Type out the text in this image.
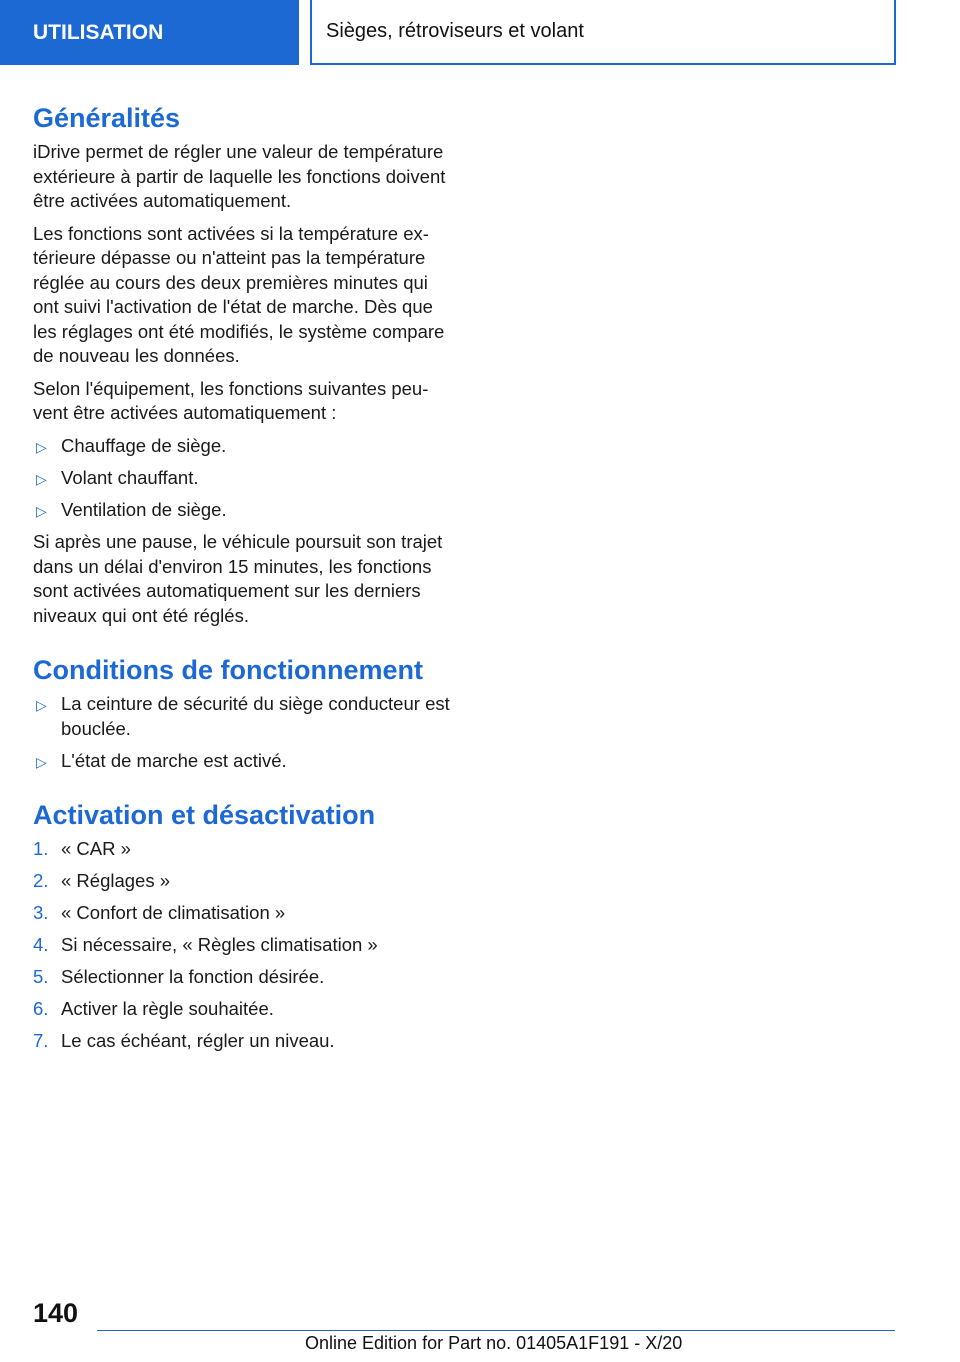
UTILISATION	Sièges, rétroviseurs et volant
Généralités

iDrive permet de régler une valeur de température extérieure à partir de laquelle les fonctions doivent être activées automatiquement.

Les fonctions sont activées si la température extérieure dépasse ou n'atteint pas la température réglée au cours des deux premières minutes qui ont suivi l'activation de l'état de marche. Dès que les réglages ont été modifiés, le système compare de nouveau les données.

Selon l'équipement, les fonctions suivantes peuvent être activées automatiquement :

▷ Chauffage de siège.
▷ Volant chauffant.
▷ Ventilation de siège.

Si après une pause, le véhicule poursuit son trajet dans un délai d'environ 15 minutes, les fonctions sont activées automatiquement sur les derniers niveaux qui ont été réglés.

Conditions de fonctionnement
▷ La ceinture de sécurité du siège conducteur est bouclée.
▷ L'état de marche est activé.
Activation et désactivation
1. « CAR »
2. « Réglages »
3. « Confort de climatisation »
4. Si nécessaire, « Règles climatisation »
5. Sélectionner la fonction désirée.
6. Activer la règle souhaitée.
7. Le cas échéant, régler un niveau.
140
Online Edition for Part no. 01405A1F191 - X/20
